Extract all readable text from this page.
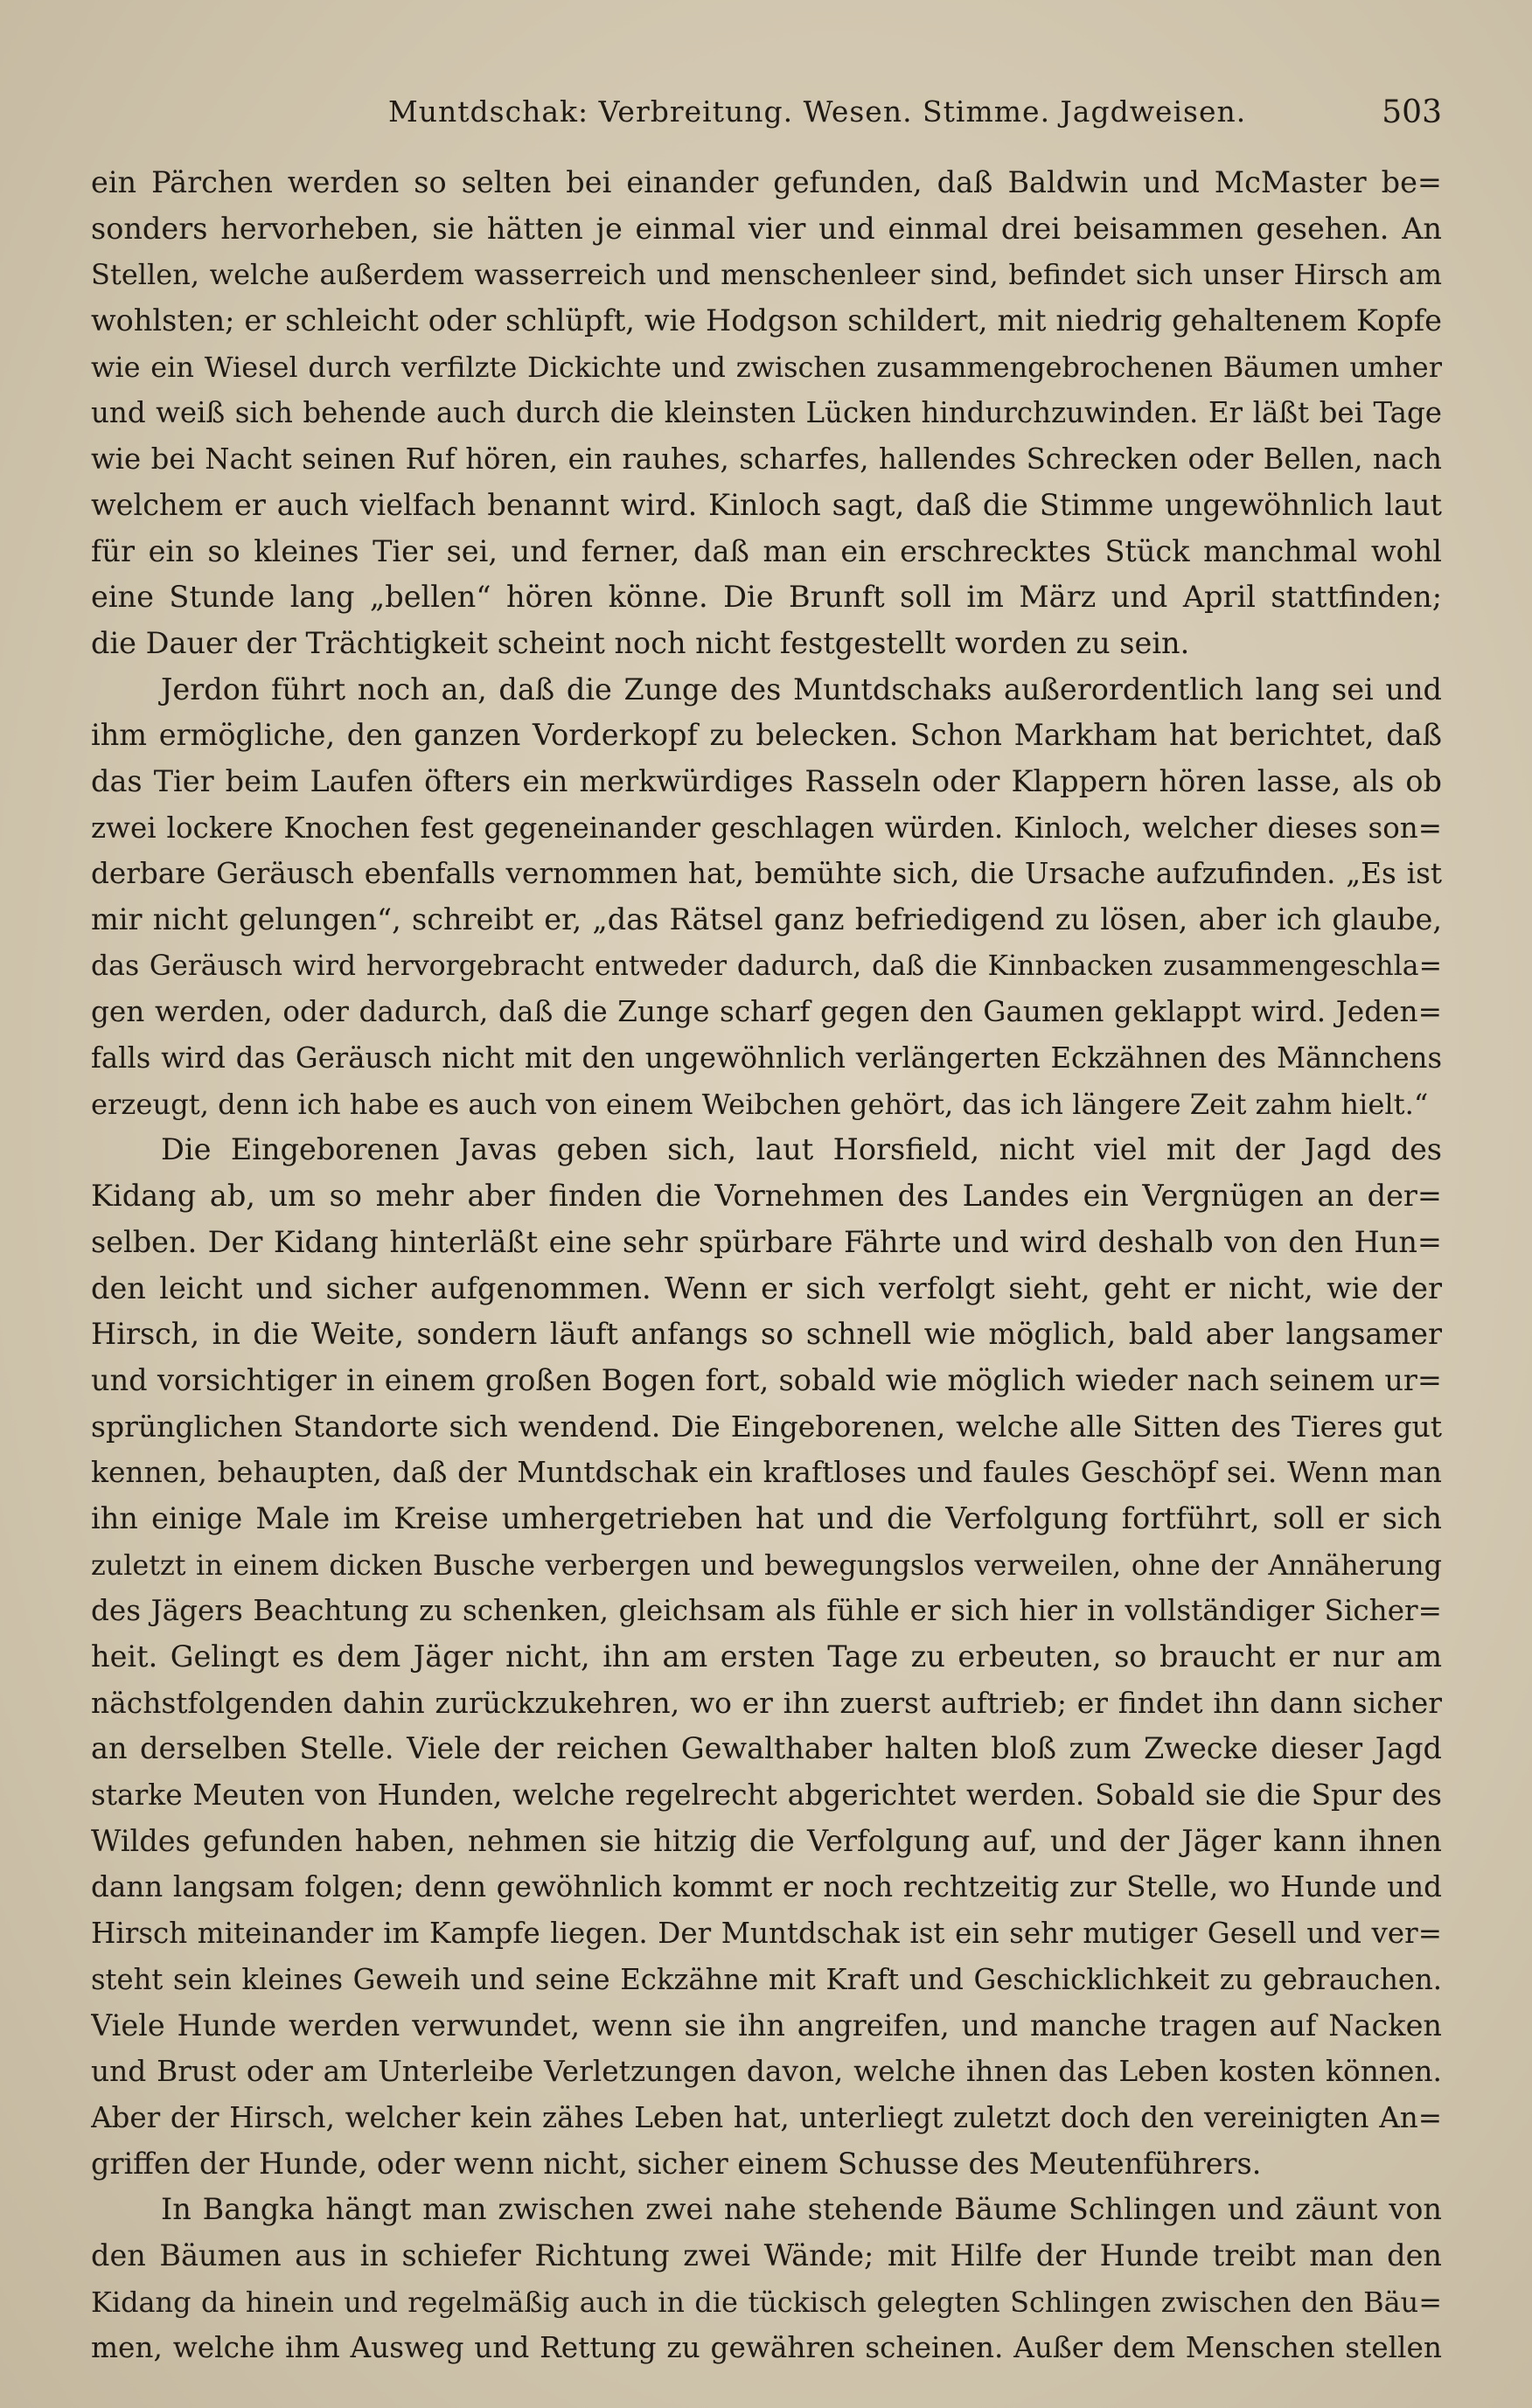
Muntdschak: Verbreitung. Wesen. Stimme. Jagdweisen.	503
ein Pärchen werden so selten bei einander gefunden, daß Baldwin und McMaster be=
sonders hervorheben, sie hätten je einmal vier und einmal drei beisammen gesehen. An
Stellen, welche außerdem wasserreich und menschenleer sind, befindet sich unser Hirsch am
wohlsten; er schleicht oder schlüpft, wie Hodgson schildert, mit niedrig gehaltenem Kopfe
wie ein Wiesel durch verfilzte Dickichte und zwischen zusammengebrochenen Bäumen umher
und weiß sich behende auch durch die kleinsten Lücken hindurchzuwinden. Er läßt bei Tage
wie bei Nacht seinen Ruf hören, ein rauhes, scharfes, hallendes Schrecken oder Bellen, nach
welchem er auch vielfach benannt wird. Kinloch sagt, daß die Stimme ungewöhnlich laut
für ein so kleines Tier sei, und ferner, daß man ein erschrecktes Stück manchmal wohl
eine Stunde lang „bellen“ hören könne. Die Brunft soll im März und April stattfinden;
die Dauer der Trächtigkeit scheint noch nicht festgestellt worden zu sein.
Jerdon führt noch an, daß die Zunge des Muntdschaks außerordentlich lang sei und
ihm ermögliche, den ganzen Vorderkopf zu belecken. Schon Markham hat berichtet, daß
das Tier beim Laufen öfters ein merkwürdiges Rasseln oder Klappern hören lasse, als ob
zwei lockere Knochen fest gegeneinander geschlagen würden. Kinloch, welcher dieses son=
derbare Geräusch ebenfalls vernommen hat, bemühte sich, die Ursache aufzufinden. „Es ist
mir nicht gelungen“, schreibt er, „das Rätsel ganz befriedigend zu lösen, aber ich glaube,
das Geräusch wird hervorgebracht entweder dadurch, daß die Kinnbacken zusammengeschla=
gen werden, oder dadurch, daß die Zunge scharf gegen den Gaumen geklappt wird. Jeden=
falls wird das Geräusch nicht mit den ungewöhnlich verlängerten Eckzähnen des Männchens
erzeugt, denn ich habe es auch von einem Weibchen gehört, das ich längere Zeit zahm hielt.“
Die Eingeborenen Javas geben sich, laut Horsfield, nicht viel mit der Jagd des
Kidang ab, um so mehr aber finden die Vornehmen des Landes ein Vergnügen an der=
selben. Der Kidang hinterläßt eine sehr spürbare Fährte und wird deshalb von den Hun=
den leicht und sicher aufgenommen. Wenn er sich verfolgt sieht, geht er nicht, wie der
Hirsch, in die Weite, sondern läuft anfangs so schnell wie möglich, bald aber langsamer
und vorsichtiger in einem großen Bogen fort, sobald wie möglich wieder nach seinem ur=
sprünglichen Standorte sich wendend. Die Eingeborenen, welche alle Sitten des Tieres gut
kennen, behaupten, daß der Muntdschak ein kraftloses und faules Geschöpf sei. Wenn man
ihn einige Male im Kreise umhergetrieben hat und die Verfolgung fortführt, soll er sich
zuletzt in einem dicken Busche verbergen und bewegungslos verweilen, ohne der Annäherung
des Jägers Beachtung zu schenken, gleichsam als fühle er sich hier in vollständiger Sicher=
heit. Gelingt es dem Jäger nicht, ihn am ersten Tage zu erbeuten, so braucht er nur am
nächstfolgenden dahin zurückzukehren, wo er ihn zuerst auftrieb; er findet ihn dann sicher
an derselben Stelle. Viele der reichen Gewalthaber halten bloß zum Zwecke dieser Jagd
starke Meuten von Hunden, welche regelrecht abgerichtet werden. Sobald sie die Spur des
Wildes gefunden haben, nehmen sie hitzig die Verfolgung auf, und der Jäger kann ihnen
dann langsam folgen; denn gewöhnlich kommt er noch rechtzeitig zur Stelle, wo Hunde und
Hirsch miteinander im Kampfe liegen. Der Muntdschak ist ein sehr mutiger Gesell und ver=
steht sein kleines Geweih und seine Eckzähne mit Kraft und Geschicklichkeit zu gebrauchen.
Viele Hunde werden verwundet, wenn sie ihn angreifen, und manche tragen auf Nacken
und Brust oder am Unterleibe Verletzungen davon, welche ihnen das Leben kosten können.
Aber der Hirsch, welcher kein zähes Leben hat, unterliegt zuletzt doch den vereinigten An=
griffen der Hunde, oder wenn nicht, sicher einem Schusse des Meutenführers.
In Bangka hängt man zwischen zwei nahe stehende Bäume Schlingen und zäunt von
den Bäumen aus in schiefer Richtung zwei Wände; mit Hilfe der Hunde treibt man den
Kidang da hinein und regelmäßig auch in die tückisch gelegten Schlingen zwischen den Bäu=
men, welche ihm Ausweg und Rettung zu gewähren scheinen. Außer dem Menschen stellen
